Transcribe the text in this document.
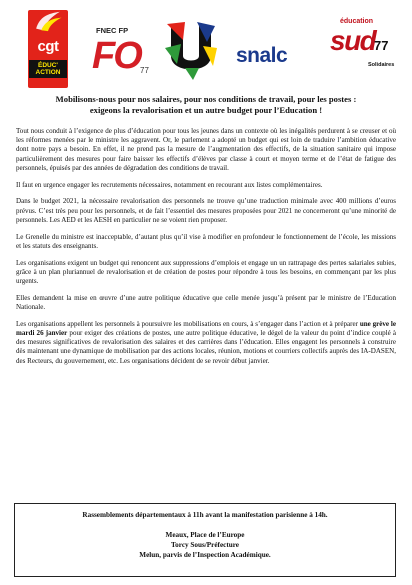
cgt
ÉDUC' ACTION
FNEC FP
FO 77
snalc
éducation
sud
77
Solidaires
Mobilisons-nous pour nos salaires, pour nos conditions de travail, pour les postes :
exigeons la revalorisation et un autre budget pour l’Education !

Tout nous conduit à l’exigence de plus d’éducation pour tous les jeunes dans un contexte où les inégalités perdurent à se creuser et où les réformes menées par le ministre les aggravent. Or, le parlement a adopté un budget qui est loin de traduire l’ambition éducative dont notre pays a besoin. En effet, il ne prend pas la mesure de l’augmentation des effectifs, de la situation sanitaire qui impose particulièrement des mesures pour faire baisser les effectifs d’élèves par classe à court et moyen terme et de l’état de fatigue des personnels, épuisés par des années de dégradation des conditions de travail.

Il faut en urgence engager les recrutements nécessaires, notamment en recourant aux listes complémentaires.

Dans le budget 2021, la nécessaire revalorisation des personnels ne trouve qu’une traduction minimale avec 400 millions d’euros prévus. C’est très peu pour les personnels, et de fait l’essentiel des mesures proposées pour 2021 ne concerneront qu’une minorité de personnels. Les AED et les AESH en particulier ne se voient rien proposer.

Le Grenelle du ministre est inacceptable, d’autant plus qu’il vise à modifier en profondeur le fonctionnement de l’école, les missions et les statuts des enseignants.

Les organisations exigent un budget qui renoncent aux suppressions d’emplois et engage un un rattrapage des pertes salariales subies, grâce à un plan pluriannuel de revalorisation et de création de postes pour répondre à tous les besoins, en commençant par les plus urgents.

Elles demandent la mise en œuvre d’une autre politique éducative que celle menée jusqu’à présent par le ministre de l’Education Nationale.

Les organisations appellent les personnels à poursuivre les mobilisations en cours, à s’engager dans l’action et à préparer une grève le mardi 26 janvier pour exiger des créations de postes, une autre politique éducative, le dégel de la valeur du point d’indice couplé à des mesures significatives de revalorisation des salaires et des carrières dans l’éducation. Elles engagent les personnels à construire dès maintenant une dynamique de mobilisation par des actions locales, réunion, motions et courriers collectifs auprès des IA-DASEN, des Recteurs, du gouvernement, etc. Les organisations décident de se revoir début janvier.

Rassemblements départementaux à 11h avant la manifestation parisienne à 14h.
Meaux, Place de l’Europe
Torcy Sous/Préfecture
Melun, parvis de l’Inspection Académique.
